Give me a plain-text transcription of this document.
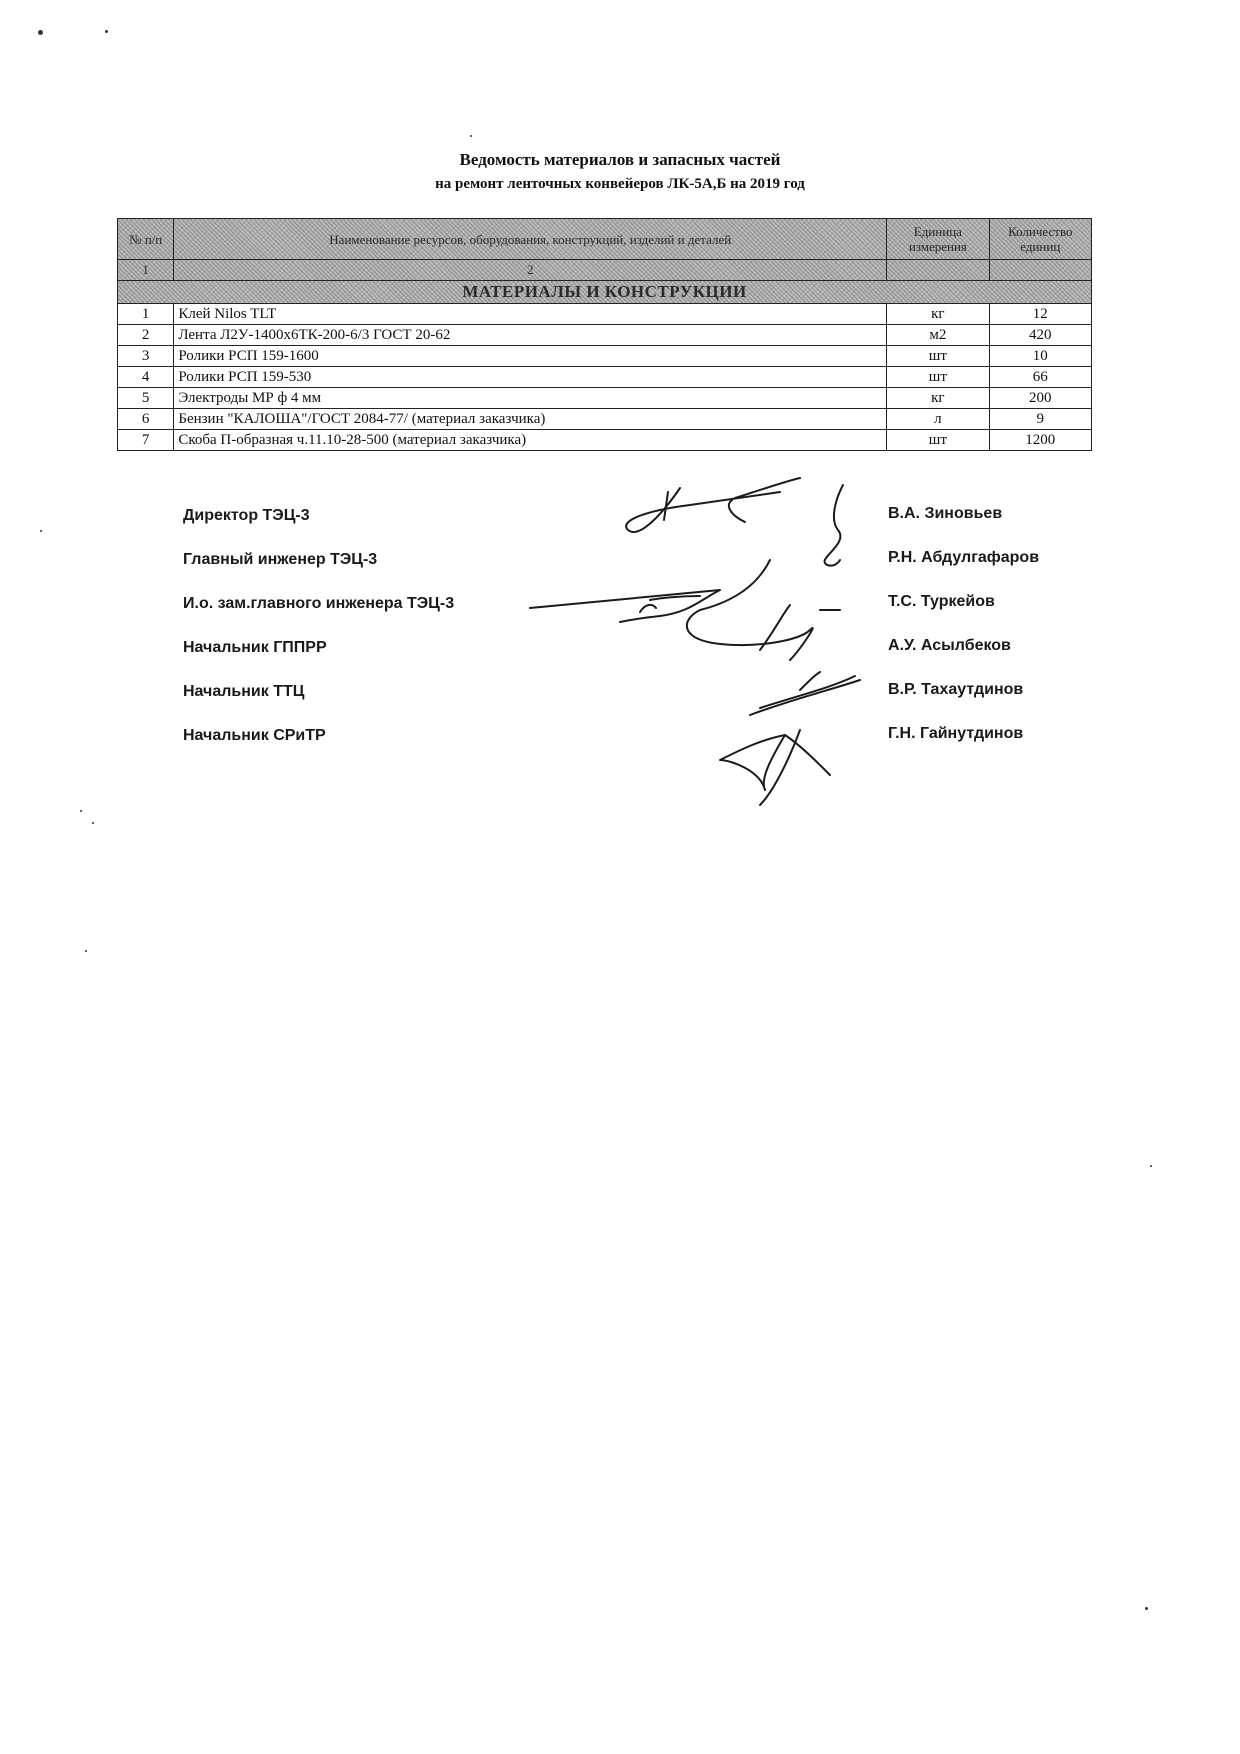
Ведомость материалов и запасных частей
на ремонт ленточных конвейеров ЛК-5А,Б на 2019 год
№ п/п	Наименование ресурсов, оборудования, конструкций, изделий и деталей	Единица измерения	Количество единиц
1	2		
МАТЕРИАЛЫ И КОНСТРУКЦИИ			
1	Клей Nilos TLT	кг	12
2	Лента Л2У-1400х6ТК-200-6/3 ГОСТ 20-62	м2	420
3	Ролики РСП 159-1600	шт	10
4	Ролики РСП 159-530	шт	66
5	Электроды МР ф 4 мм	кг	200
6	Бензин "КАЛОША"/ГОСТ 2084-77/ (материал заказчика)	л	9
7	Скоба П-образная ч.11.10-28-500 (материал заказчика)	шт	1200
Директор ТЭЦ-3	В.А. Зиновьев
Главный инженер ТЭЦ-3	Р.Н. Абдулгафаров
И.о. зам.главного инженера ТЭЦ-3	Т.С. Туркейов
Начальник ГППРР	А.У. Асылбеков
Начальник ТТЦ	В.Р. Тахаутдинов
Начальник СРиТР	Г.Н. Гайнутдинов
